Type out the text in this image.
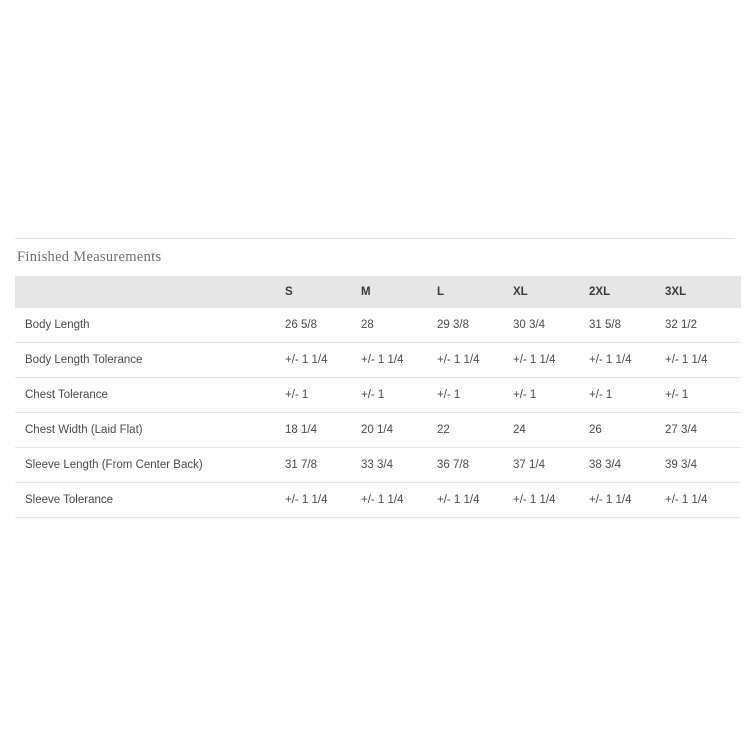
Finished Measurements
	S	M	L	XL	2XL	3XL
Body Length	26 5/8	28	29 3/8	30 3/4	31 5/8	32 1/2
Body Length Tolerance	+/- 1 1/4	+/- 1 1/4	+/- 1 1/4	+/- 1 1/4	+/- 1 1/4	+/- 1 1/4
Chest Tolerance	+/- 1	+/- 1	+/- 1	+/- 1	+/- 1	+/- 1
Chest Width (Laid Flat)	18 1/4	20 1/4	22	24	26	27 3/4
Sleeve Length (From Center Back)	31 7/8	33 3/4	36 7/8	37 1/4	38 3/4	39 3/4
Sleeve Tolerance	+/- 1 1/4	+/- 1 1/4	+/- 1 1/4	+/- 1 1/4	+/- 1 1/4	+/- 1 1/4
